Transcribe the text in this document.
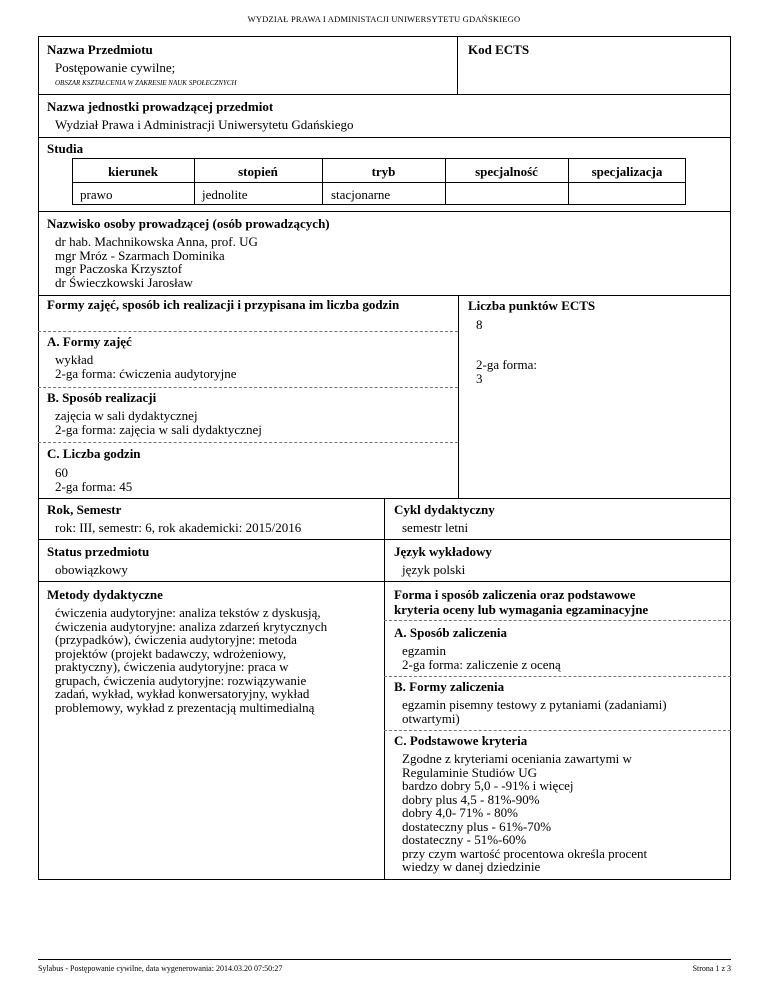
WYDZIAŁ PRAWA I ADMINISTACJI UNIWERSYTETU GDAŃSKIEGO
Nazwa Przedmiotu
Postępowanie cywilne;
OBSZAR KSZTAŁCENIA W ZAKRESIE NAUK SPOŁECZNYCH
Kod ECTS
Nazwa jednostki prowadzącej przedmiot
Wydział Prawa i Administracji Uniwersytetu Gdańskiego
Studia
kierunek	stopień	tryb	specjalność	specjalizacja
prawo	jednolite	stacjonarne
Nazwisko osoby prowadzącej (osób prowadzących)
dr hab. Machnikowska Anna, prof. UG
mgr Mróz - Szarmach Dominika
mgr Paczoska Krzysztof
dr Świeczkowski Jarosław
Formy zajęć, sposób ich realizacji i przypisana im liczba godzin
A. Formy zajęć
wykład
2-ga forma: ćwiczenia audytoryjne
B. Sposób realizacji
zajęcia w sali dydaktycznej
2-ga forma: zajęcia w sali dydaktycznej
C. Liczba godzin
60
2-ga forma: 45
Liczba punktów ECTS
8
2-ga forma:
3
Rok, Semestr
rok: III, semestr: 6, rok akademicki: 2015/2016
Cykl dydaktyczny
semestr letni
Status przedmiotu
obowiązkowy
Język wykładowy
język polski
Metody dydaktyczne
ćwiczenia audytoryjne: analiza tekstów z dyskusją,
ćwiczenia audytoryjne: analiza zdarzeń krytycznych
(przypadków), ćwiczenia audytoryjne: metoda
projektów (projekt badawczy, wdrożeniowy,
praktyczny), ćwiczenia audytoryjne: praca w
grupach, ćwiczenia audytoryjne: rozwiązywanie
zadań, wykład, wykład konwersatoryjny, wykład
problemowy, wykład z prezentacją multimedialną
Forma i sposób zaliczenia oraz podstawowe
kryteria oceny lub wymagania egzaminacyjne
A. Sposób zaliczenia
egzamin
2-ga forma: zaliczenie z oceną
B. Formy zaliczenia
egzamin pisemny testowy z pytaniami (zadaniami)
otwartymi)
C. Podstawowe kryteria
Zgodne z kryteriami oceniania zawartymi w
Regulaminie Studiów UG
bardzo dobry 5,0 - -91% i więcej
dobry plus 4,5 - 81%-90%
dobry 4,0- 71% - 80%
dostateczny plus - 61%-70%
dostateczny - 51%-60%
przy czym wartość procentowa określa procent
wiedzy w danej dziedzinie
Sylabus - Postępowanie cywilne, data wygenerowania: 2014.03.20 07:50:27	Strona 1 z 3
